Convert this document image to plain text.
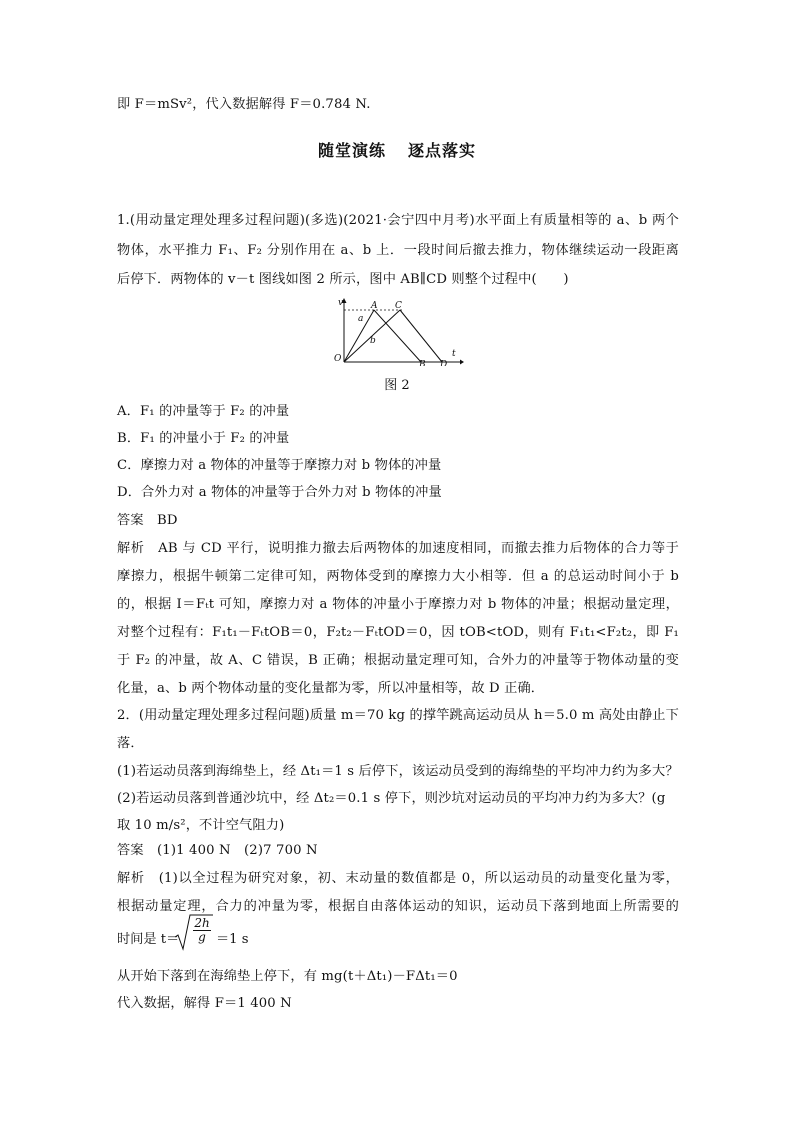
即 F＝mSv²，代入数据解得 F＝0.784 N.
1.(用动量定理处理多过程问题)(多选)(2021·会宁四中月考)水平面上有质量相等的 a、b 两个
物体，水平推力 F₁、F₂ 分别作用在 a、b 上．一段时间后撤去推力，物体继续运动一段距离
后停下．两物体的 v－t 图线如图 2 所示，图中 AB∥CD 则整个过程中(　　)
A．F₁ 的冲量等于 F₂ 的冲量
B．F₁ 的冲量小于 F₂ 的冲量
C．摩擦力对 a 物体的冲量等于摩擦力对 b 物体的冲量
D．合外力对 a 物体的冲量等于合外力对 b 物体的冲量
答案　BD
解析　AB 与 CD 平行，说明推力撤去后两物体的加速度相同，而撤去推力后物体的合力等于
摩擦力，根据牛顿第二定律可知，两物体受到的摩擦力大小相等．但 a 的总运动时间小于 b
的，根据 I＝Fₜt 可知，摩擦力对 a 物体的冲量小于摩擦力对 b 物体的冲量；根据动量定理，
对整个过程有：F₁t₁－FₜtOB＝0，F₂t₂－FₜtOD＝0，因 tOB<tOD，则有 F₁t₁<F₂t₂，即 F₁
于 F₂ 的冲量，故 A、C 错误，B 正确；根据动量定理可知，合外力的冲量等于物体动量的变
化量，a、b 两个物体动量的变化量都为零，所以冲量相等，故 D 正确．
2．(用动量定理处理多过程问题)质量 m＝70 kg 的撑竿跳高运动员从 h＝5.0 m 高处由静止下
落．
(1)若运动员落到海绵垫上，经 Δt₁＝1 s 后停下，该运动员受到的海绵垫的平均冲力约为多大？
(2)若运动员落到普通沙坑中，经 Δt₂＝0.1 s 停下，则沙坑对运动员的平均冲力约为多大？(g
取 10 m/s²，不计空气阻力)
答案　(1)1 400 N　(2)7 700 N
解析　(1)以全过程为研究对象，初、末动量的数值都是 0，所以运动员的动量变化量为零，
根据动量定理，合力的冲量为零，根据自由落体运动的知识，运动员下落到地面上所需要的
从开始下落到在海绵垫上停下，有 mg(t＋Δt₁)－FΔt₁＝0
代入数据，解得 F＝1 400 N
随堂演练 逐点落实
v
t
O
A C
a
b
B D
图 2
时间是 $t= \frac{2h}{g} =1$ s
